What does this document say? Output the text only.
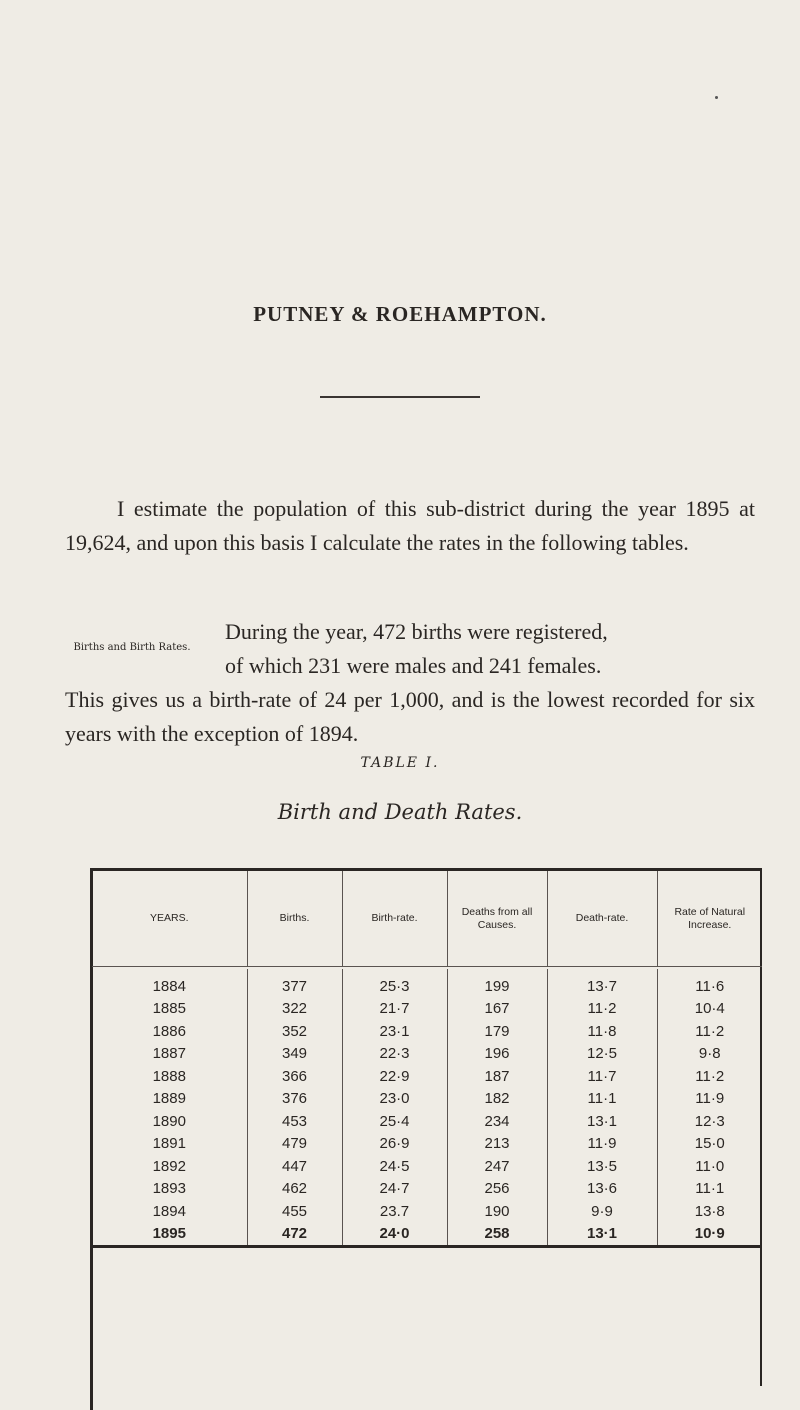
PUTNEY & ROEHAMPTON.

I estimate the population of this sub-district during the year 1895 at 19,624, and upon this basis I calculate the rates in the following tables.

Births and Birth Rates.
During the year, 472 births were registered,
of which 231 were males and 241 females.
This gives us a birth-rate of 24 per 1,000, and is the lowest recorded for six years with the exception of 1894.
TABLE I.
Birth and Death Rates.

YEARS.	Births.	Birth-rate.	Deaths from all Causes.	Death-rate.	Rate of Natural Increase.

1884	377	25·3	199	13·7	11·6
1885	322	21·7	167	11·2	10·4
1886	352	23·1	179	11·8	11·2
1887	349	22·3	196	12·5	9·8
1888	366	22·9	187	11·7	11·2
1889	376	23·0	182	11·1	11·9
1890	453	25·4	234	13·1	12·3
1891	479	26·9	213	11·9	15·0
1892	447	24·5	247	13·5	11·0
1893	462	24·7	256	13·6	11·1
1894	455	23.7	190	9·9	13·8
1895	472	24·0	258	13·1	10·9
